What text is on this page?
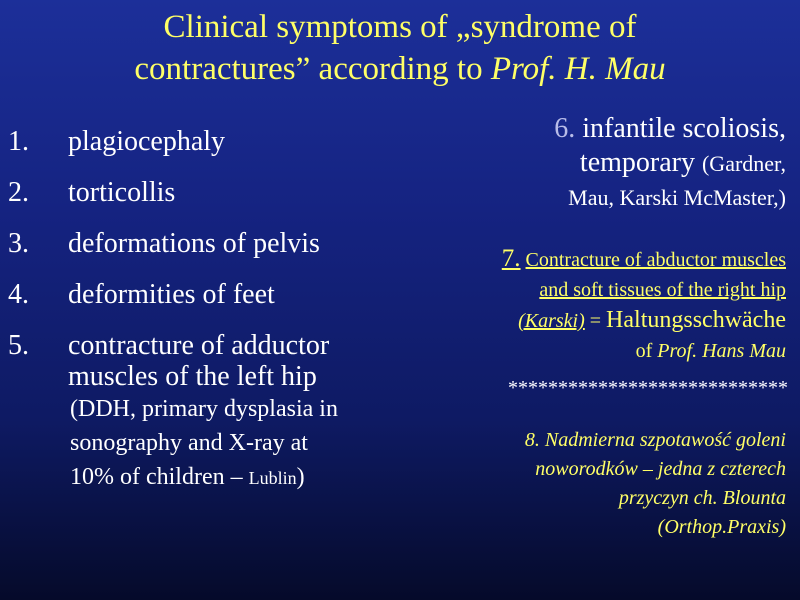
Clinical symptoms of „syndrome of
contractures” according to Prof. H. Mau
1.	plagiocephaly
2.	torticollis
3.	deformations of pelvis
4.	deformities of feet
5.	contracture of adductor
muscles of the left hip
(DDH, primary dysplasia in
sonography and X-ray at
10% of children – Lublin)
6. infantile scoliosis,
temporary (Gardner,
Mau, Karski McMaster,)
7. Contracture of abductor muscles
and soft tissues of the right hip
(Karski) = Haltungsschwäche
of Prof. Hans Mau
****************************
8. Nadmierna szpotawość goleni
noworodków – jedna z czterech
przyczyn ch. Blounta
(Orthop.Praxis)
